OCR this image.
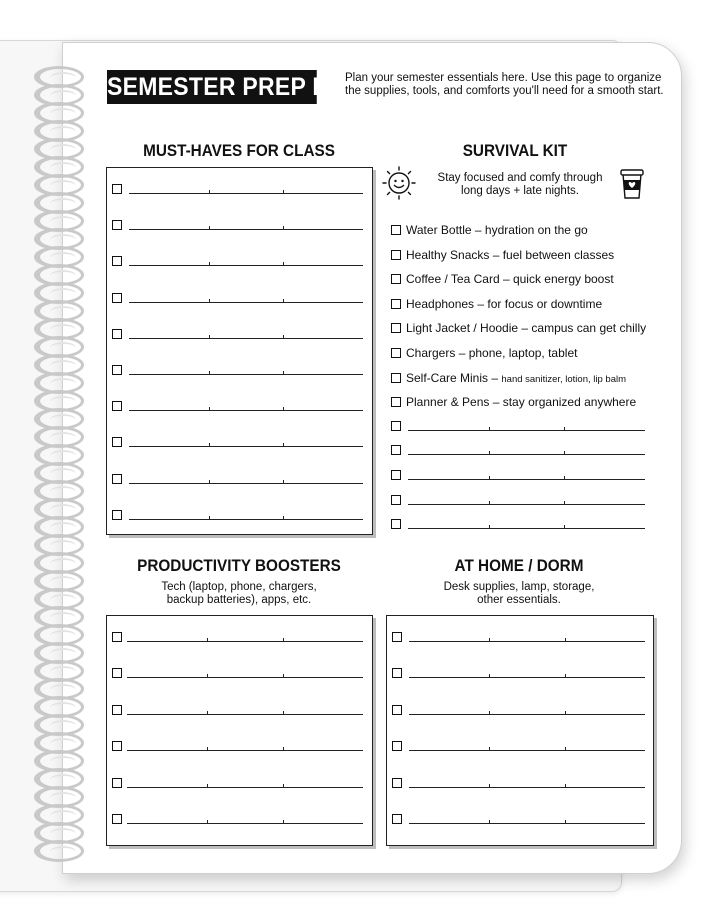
SEMESTER PREP LIST
Plan your semester essentials here. Use this page to organize the supplies, tools, and comforts you'll need for a smooth start.
MUST-HAVES FOR CLASS	SURVIVAL KIT
Stay focused and comfy through
long days + late nights.
Water Bottle – hydration on the go
Healthy Snacks – fuel between classes
Coffee / Tea Card – quick energy boost
Headphones – for focus or downtime
Light Jacket / Hoodie – campus can get chilly
Chargers – phone, laptop, tablet
Self-Care Minis – hand sanitizer, lotion, lip balm
Planner & Pens – stay organized anywhere
PRODUCTIVITY BOOSTERS
Tech (laptop, phone, chargers,
backup batteries), apps, etc.
AT HOME / DORM
Desk supplies, lamp, storage,
other essentials.
